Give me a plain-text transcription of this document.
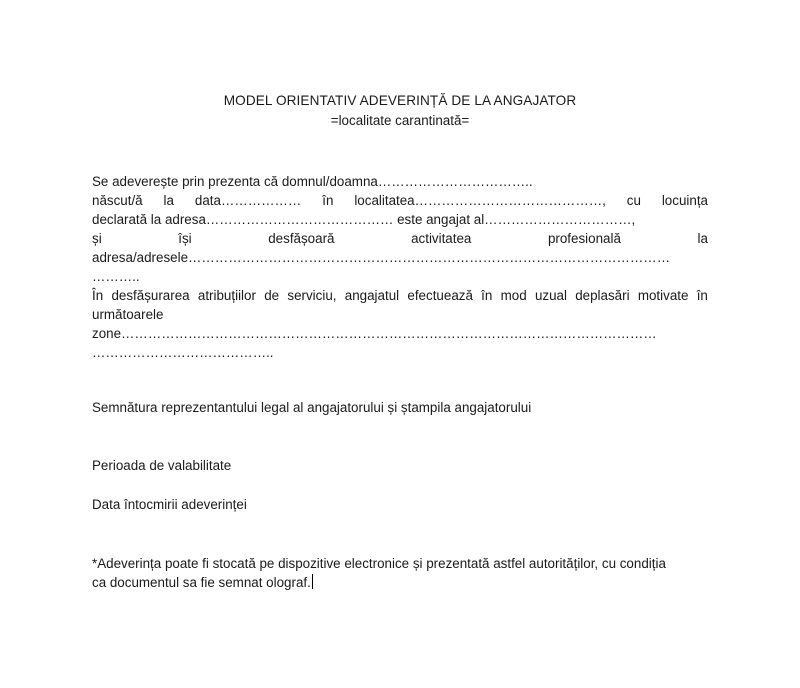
MODEL ORIENTATIV ADEVERINȚĂ DE LA ANGAJATOR
=localitate carantinată=
Se adeverește prin prezenta că domnul/doamna……………………………..
născut/ă la data……………… în localitatea……………………………………, cu locuința
declarată la adresa…………………………………… este angajat al……………………………,
și	își	desfășoară	activitatea	profesională	la
adresa/adresele………………………………………………………………………………………………
………..
În desfășurarea atribuțiilor de serviciu, angajatul efectuează în mod uzual deplasări motivate în
următoarele
zone…………………………………………………………………………………………………………
…………………………………..
Semnătura reprezentantului legal al angajatorului și ștampila angajatorului
Perioada de valabilitate
Data întocmirii adeverinței
*Adeverința poate fi stocată pe dispozitive electronice și prezentată astfel autorităților, cu condiția
ca documentul sa fie semnat olograf.
